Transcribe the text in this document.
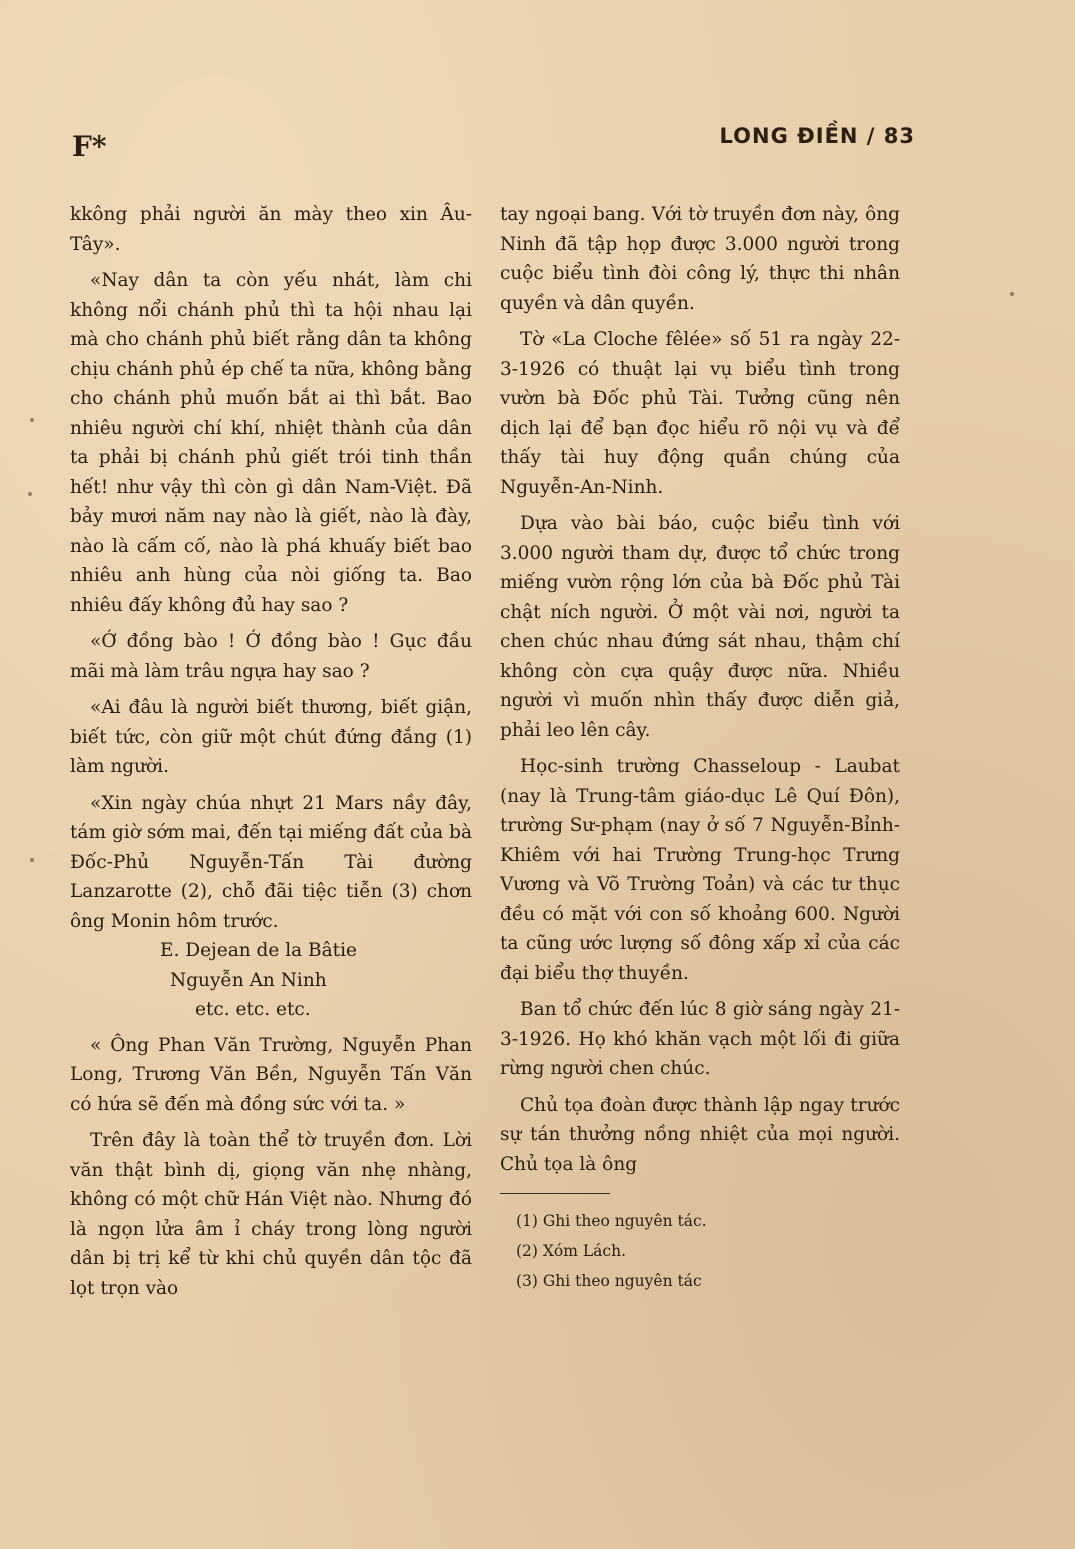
F*	LONG ĐIỀN / 83

kkông phải người ăn mày theo xin Âu-Tây».

«Nay dân ta còn yếu nhát, làm chi không nổi chánh phủ thì ta hội nhau lại mà cho chánh phủ biết rằng dân ta không chịu chánh phủ ép chế ta nữa, không bằng cho chánh phủ muốn bắt ai thì bắt. Bao nhiêu người chí khí, nhiệt thành của dân ta phải bị chánh phủ giết trói tinh thần hết! như vậy thì còn gì dân Nam-Việt. Đã bảy mươi năm nay nào là giết, nào là đày, nào là cấm cố, nào là phá khuấy biết bao nhiêu anh hùng của nòi giống ta. Bao nhiêu đấy không đủ hay sao ?

«Ớ đồng bào ! Ớ đồng bào ! Gục đầu mãi mà làm trâu ngựa hay sao ?

«Ai đâu là người biết thương, biết giận, biết tức, còn giữ một chút đứng đắng (1) làm người.

«Xin ngày chúa nhựt 21 Mars nầy đây, tám giờ sớm mai, đến tại miếng đất của bà Đốc-Phủ Nguyễn-Tấn Tài đường Lanzarotte (2), chỗ đãi tiệc tiễn (3) chơn ông Monin hôm trước.

E. Dejean de la Bâtie

Nguyễn An Ninh

etc. etc. etc.

« Ông Phan Văn Trường, Nguyễn Phan Long, Trương Văn Bền, Nguyễn Tấn Văn có hứa sẽ đến mà đồng sức với ta. »

Trên đây là toàn thể tờ truyền đơn. Lời văn thật bình dị, giọng văn nhẹ nhàng, không có một chữ Hán Việt nào. Nhưng đó là ngọn lửa âm ỉ cháy trong lòng người dân bị trị kể từ khi chủ quyền dân tộc đã lọt trọn vào

tay ngoại bang. Với tờ truyền đơn này, ông Ninh đã tập họp được 3.000 người trong cuộc biểu tình đòi công lý, thực thi nhân quyền và dân quyền.

Tờ «La Cloche fêlée» số 51 ra ngày 22-3-1926 có thuật lại vụ biểu tình trong vườn bà Đốc phủ Tài. Tưởng cũng nên dịch lại để bạn đọc hiểu rõ nội vụ và để thấy tài huy động quần chúng của Nguyễn-An-Ninh.

Dựa vào bài báo, cuộc biểu tình với 3.000 người tham dự, được tổ chức trong miếng vườn rộng lớn của bà Đốc phủ Tài chật ních người. Ở một vài nơi, người ta chen chúc nhau đứng sát nhau, thậm chí không còn cựa quậy được nữa. Nhiều người vì muốn nhìn thấy được diễn giả, phải leo lên cây.

Học-sinh trường Chasseloup - Laubat (nay là Trung-tâm giáo-dục Lê Quí Đôn), trường Sư-phạm (nay ở số 7 Nguyễn-Bỉnh-Khiêm với hai Trường Trung-học Trưng Vương và Võ Trường Toản) và các tư thục đều có mặt với con số khoảng 600. Người ta cũng ước lượng số đông xấp xỉ của các đại biểu thợ thuyền.

Ban tổ chức đến lúc 8 giờ sáng ngày 21-3-1926. Họ khó khăn vạch một lối đi giữa rừng người chen chúc.

Chủ tọa đoàn được thành lập ngay trước sự tán thưởng nồng nhiệt của mọi người. Chủ tọa là ông

(1) Ghi theo nguyên tác.

(2) Xóm Lách.

(3) Ghi theo nguyên tác
